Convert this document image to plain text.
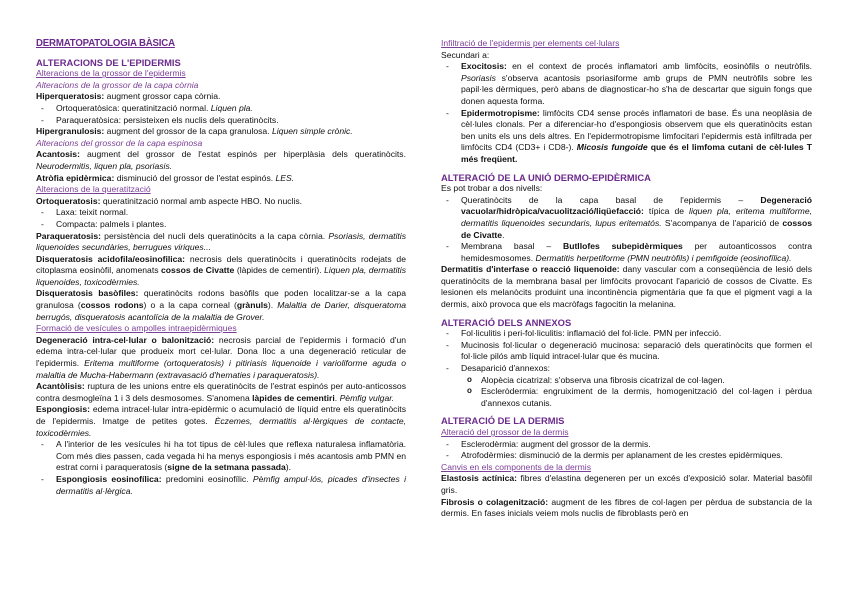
DERMATOPATOLOGIA BÀSICA
ALTERACIONS DE L'EPIDERMIS
Alteracions de la grossor de l'epidermis
Alteracions de la grossor de la capa còrnia
Hiperqueratosis: augment grossor capa còrnia.
- Ortoqueratòsica: queratinització normal. Liquen pla.
- Paraqueratòsica: persisteixen els nuclis dels queratinòcits.
Hipergranulosis: augment del grossor de la capa granulosa. Liquen simple crònic.
Alteracions del grossor de la capa espinosa
Acantosis: augment del grossor de l'estat espinós per hiperplàsia dels queratinòcits. Neurodermitis, liquen pla, psoriasis.
Atròfia epidèrmica: disminució del grossor de l'estat espinós. LES.
Alteracions de la queratització
Ortoqueratosis: queratinització normal amb aspecte HBO. No nuclis.
- Laxa: teixit normal.
- Compacta: palmels i plantes.
Paraqueratosis: persistència del nucli dels queratinòcits a la capa còrnia. Psoriasis, dermatitis liquenoides secundàries, berrugues viriques...
Disqueratosis acidofila/eosinofilica: necrosis dels queratinòcits i queratinòcits rodejats de citoplasma eosinòfil, anomenats cossos de Civatte (làpides de cementiri). Liquen pla, dermatitis liquenoides, toxicodèrmies.
Disqueratosis basòfiles: queratinòcits rodons basòfils que poden localitzar-se a la capa granulosa (cossos rodons) o a la capa corneal (grànuls). Malaltia de Darier, disqueratoma berrugós, disqueratosis acantolícia de la malaltia de Grover.
Formació de vesícules o ampolles intraepidèrmiques
Degeneració intra-cel·lular o balonització: necrosis parcial de l'epidermis i formació d'un edema intra-cel·lular que produeix mort cel·lular. Dona lloc a una degeneració reticular de l'epidermis. Eritema multiforme (ortoqueratosis) i pitiriasis liquenoide i varioliforme aguda o malaltia de Mucha-Habermann (extravasació d'hematies i paraqueratosis).
Acantòlisis: ruptura de les unions entre els queratinòcits de l'estrat espinós per auto-anticossos contra desmogleïna 1 i 3 dels desmosomes. S'anomena làpides de cementiri. Pèmfig vulgar.
Espongiosis: edema intracel·lular intra-epidèrmic o acumulació de líquid entre els queratinòcits de l'epidermis. Imatge de petites gotes. Èczemes, dermatitis al·lèrgiques de contacte, toxicodèrmies.
- A l'interior de les vesícules hi ha tot tipus de cèl·lules que reflexa naturalesa inflamatòria. Com més dies passen, cada vegada hi ha menys espongiosis i més acantosis amb PMN en estrat corni i paraqueratosis (signe de la setmana passada).
- Espongiosis eosinofílica: predomini eosinofílic. Pèmfig ampul·lós, picades d'insectes i dermatitis al·lèrgica.
Infiltració de l'epidermis per elements cel·lulars
Secundari a:
- Exocitosis: en el context de procés inflamatori amb limfòcits, eosinòfils o neutròfils. Psoriasis s'observa acantosis psoriasiforme amb grups de PMN neutròfils sobre les papil·les dèrmiques, però abans de diagnosticar-ho s'ha de descartar que siguin fongs que donen aquesta forma.
- Epidermotropisme: limfòcits CD4 sense procés inflamatori de base. És una neoplàsia de cèl·lules clonals. Per a diferenciar-ho d'espongiosis observem que els queratinòcits estan ben units els uns dels altres. En l'epidermotropisme limfocitari l'epidermis està infiltrada per limfòcits CD4 (CD3+ i CD8-). Micosis fungoide que és el limfoma cutani de cèl·lules T més freqüent.
ALTERACIÓ DE LA UNIÓ DERMO-EPIDÈRMICA
Es pot trobar a dos nivells:
- Queratinòcits de la capa basal de l'epidermis – Degeneració vacuolar/hidròpica/vacuolització/liqüefacció: típica de liquen pla, eritema multiforme, dermatitis liquenoides secundaris, lupus eritematós. S'acompanya de l'aparició de cossos de Civatte.
- Membrana basal – Butllofes subepidèrmiques per autoanticossos contra hemidesmosomes. Dermatitis herpetiforme (PMN neutròfils) i pemfigoide (eosinofílica).
Dermatitis d'interfase o reacció liquenoide: dany vascular com a conseqüència de lesió dels queratinòcits de la membrana basal per limfòcits provocant l'aparició de cossos de Civatte. Es lesionen els melanòcits produint una incontinència pigmentària que fa que el pigment vagi a la dermis, això provoca que els macròfags fagocitin la melanina.
ALTERACIÓ DELS ANNEXOS
- Fol·liculitis i peri-fol·liculitis: inflamació del fol·licle. PMN per infecció.
- Mucinosis fol·licular o degeneració mucinosa: separació dels queratinòcits que formen el fol·licle pilós amb líquid intracel·lular que és mucina.
- Desaparició d'annexos:
o Alopècia cicatrizal: s'observa una fibrosis cicatrizal de col·lagen.
o Escleròdermia: engruiximent de la dermis, homogenització del col·lagen i pèrdua d'annexos cutanis.
ALTERACIÓ DE LA DERMIS
Alteració del grossor de la dermis
- Esclerodèrmia: augment del grossor de la dermis.
- Atrofodèrmies: disminució de la dermis per aplanament de les crestes epidèrmiques.
Canvis en els components de la dermis
Elastosis actínica: fibres d'elastina degeneren per un excés d'exposició solar. Material basòfil gris.
Fibrosis o colagenització: augment de les fibres de col·lagen per pèrdua de substancia de la dermis. En fases inicials veiem mols nuclis de fibroblasts però en
